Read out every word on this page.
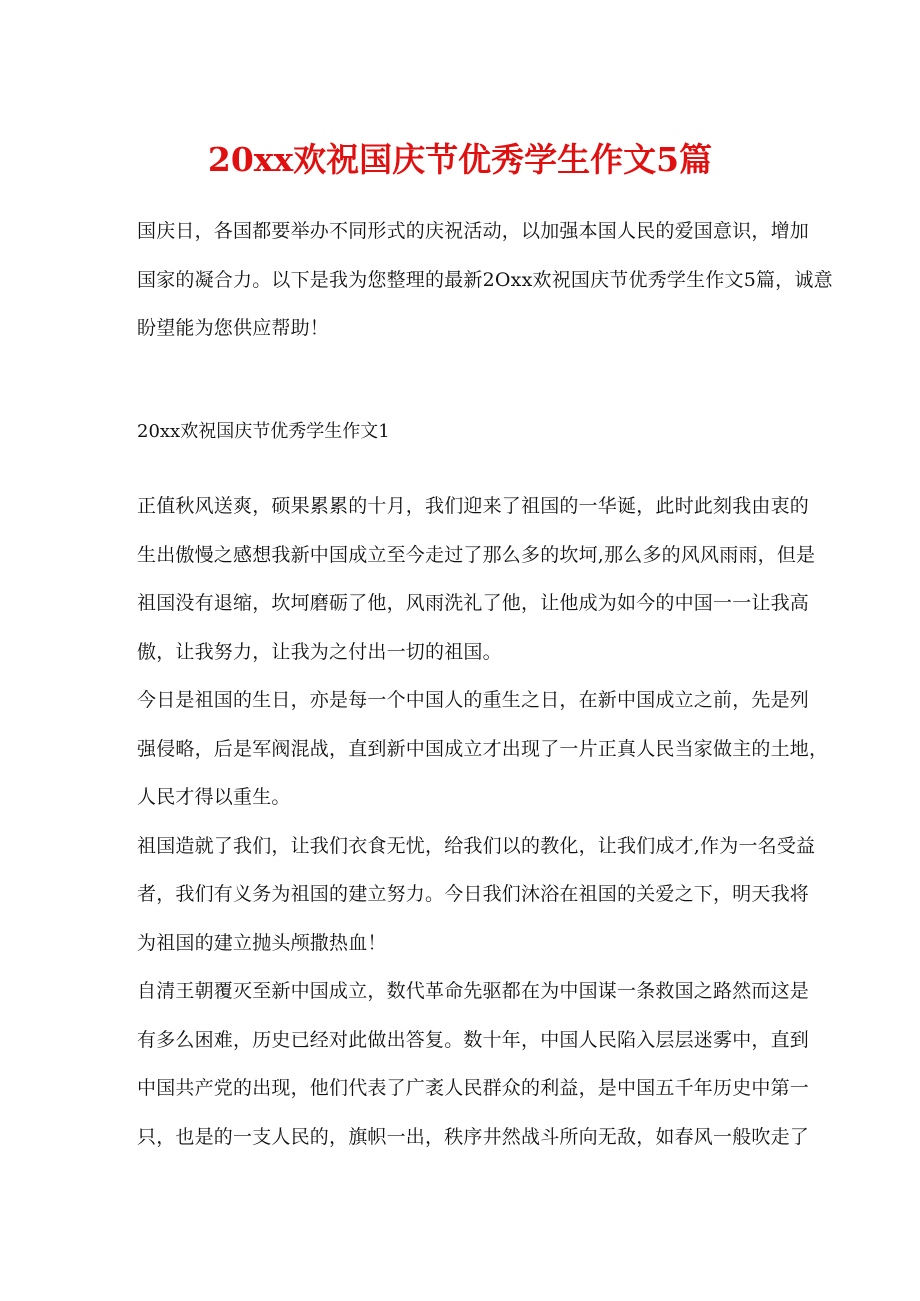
20xx欢祝国庆节优秀学生作文5篇
国庆日，各国都要举办不同形式的庆祝活动，以加强本国人民的爱国意识，增加
国家的凝合力。以下是我为您整理的最新2Oxx欢祝国庆节优秀学生作文5篇，诚意
盼望能为您供应帮助！
20xx欢祝国庆节优秀学生作文1
正值秋风送爽，硕果累累的十月，我们迎来了祖国的一华诞，此时此刻我由衷的
生出傲慢之感想我新中国成立至今走过了那么多的坎坷,那么多的风风雨雨，但是
祖国没有退缩，坎坷磨砺了他，风雨洗礼了他，让他成为如今的中国一一让我高
傲，让我努力，让我为之付出一切的祖国。
今日是祖国的生日，亦是每一个中国人的重生之日，在新中国成立之前，先是列
强侵略，后是军阀混战，直到新中国成立才出现了一片正真人民当家做主的土地，
人民才得以重生。
祖国造就了我们，让我们衣食无忧，给我们以的教化，让我们成才,作为一名受益
者，我们有义务为祖国的建立努力。今日我们沐浴在祖国的关爱之下，明天我将
为祖国的建立抛头颅撒热血！
自清王朝覆灭至新中国成立，数代革命先驱都在为中国谋一条救国之路然而这是
有多么困难，历史已经对此做出答复。数十年，中国人民陷入层层迷雾中，直到
中国共产党的出现，他们代表了广袤人民群众的利益，是中国五千年历史中第一
只，也是的一支人民的，旗帜一出，秩序井然战斗所向无敌，如春风一般吹走了
